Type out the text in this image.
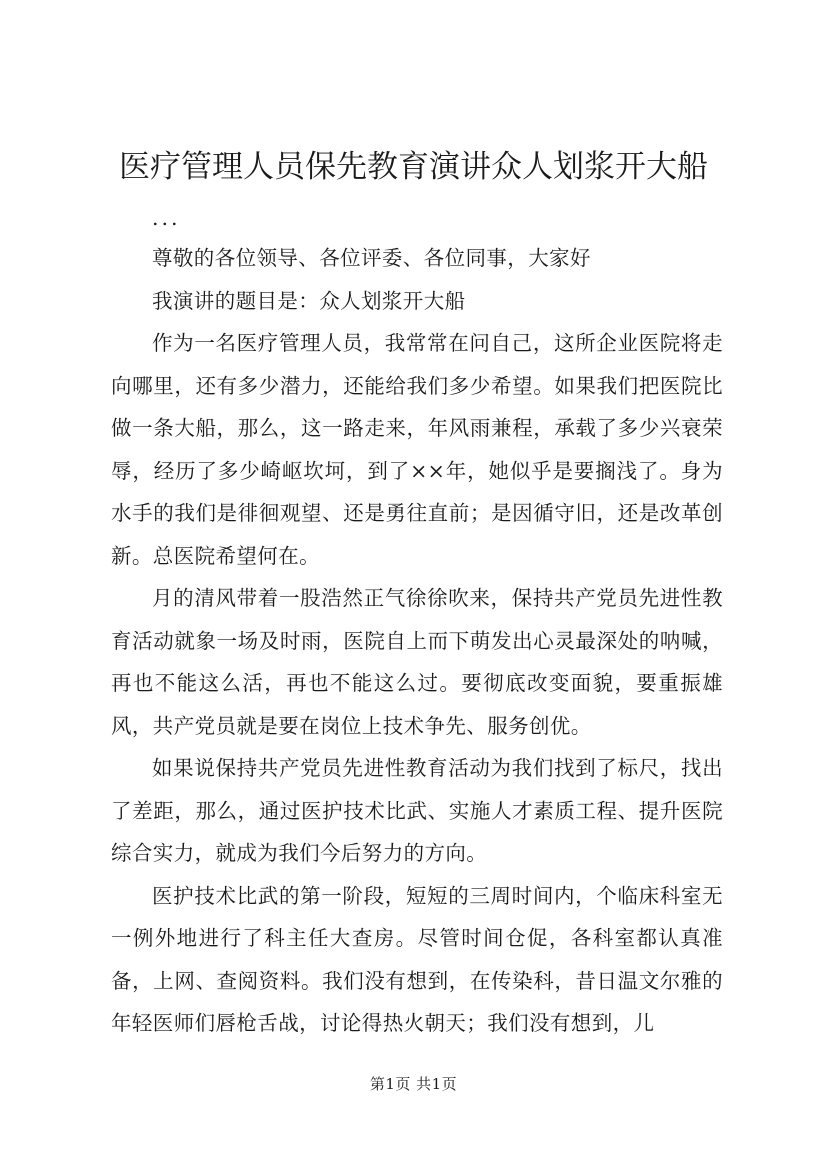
医疗管理人员保先教育演讲众人划浆开大船

...

尊敬的各位领导、各位评委、各位同事，大家好

我演讲的题目是：众人划浆开大船

作为一名医疗管理人员，我常常在问自己，这所企业医院将走向哪里，还有多少潜力，还能给我们多少希望。如果我们把医院比做一条大船，那么，这一路走来，年风雨兼程，承载了多少兴衰荣辱，经历了多少崎岖坎坷，到了××年，她似乎是要搁浅了。身为水手的我们是徘徊观望、还是勇往直前；是因循守旧，还是改革创新。总医院希望何在。

月的清风带着一股浩然正气徐徐吹来，保持共产党员先进性教育活动就象一场及时雨，医院自上而下萌发出心灵最深处的呐喊，再也不能这么活，再也不能这么过。要彻底改变面貌，要重振雄风，共产党员就是要在岗位上技术争先、服务创优。

如果说保持共产党员先进性教育活动为我们找到了标尺，找出了差距，那么，通过医护技术比武、实施人才素质工程、提升医院综合实力，就成为我们今后努力的方向。

医护技术比武的第一阶段，短短的三周时间内，个临床科室无一例外地进行了科主任大查房。尽管时间仓促，各科室都认真准备，上网、查阅资料。我们没有想到，在传染科，昔日温文尔雅的年轻医师们唇枪舌战，讨论得热火朝天；我们没有想到，儿

第1页 共1页
